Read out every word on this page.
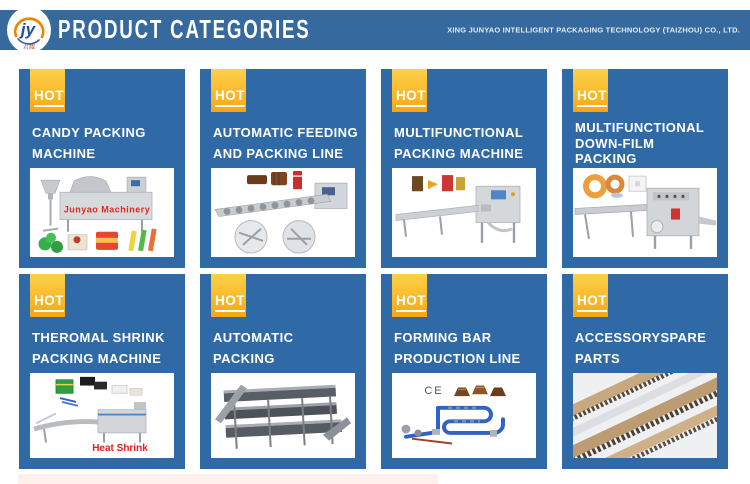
PRODUCT CATEGORIES	XING JUNYAO INTELLIGENT PACKAGING TECHNOLOGY (TAIZHOU) CO., LTD.
jy
君耀
HOT
CANDY PACKING
MACHINE
Junyao Machinery
HOT
AUTOMATIC FEEDING
AND PACKING LINE
HOT
MULTIFUNCTIONAL
PACKING MACHINE
HOT
MULTIFUNCTIONAL
DOWN-FILM PACKING
HOT
THEROMAL SHRINK
PACKING MACHINE
Heat Shrink
HOT
AUTOMATIC PACKING
HOT
FORMING BAR
PRODUCTION LINE
CE
HOT
ACCESSORYSPARE
PARTS
